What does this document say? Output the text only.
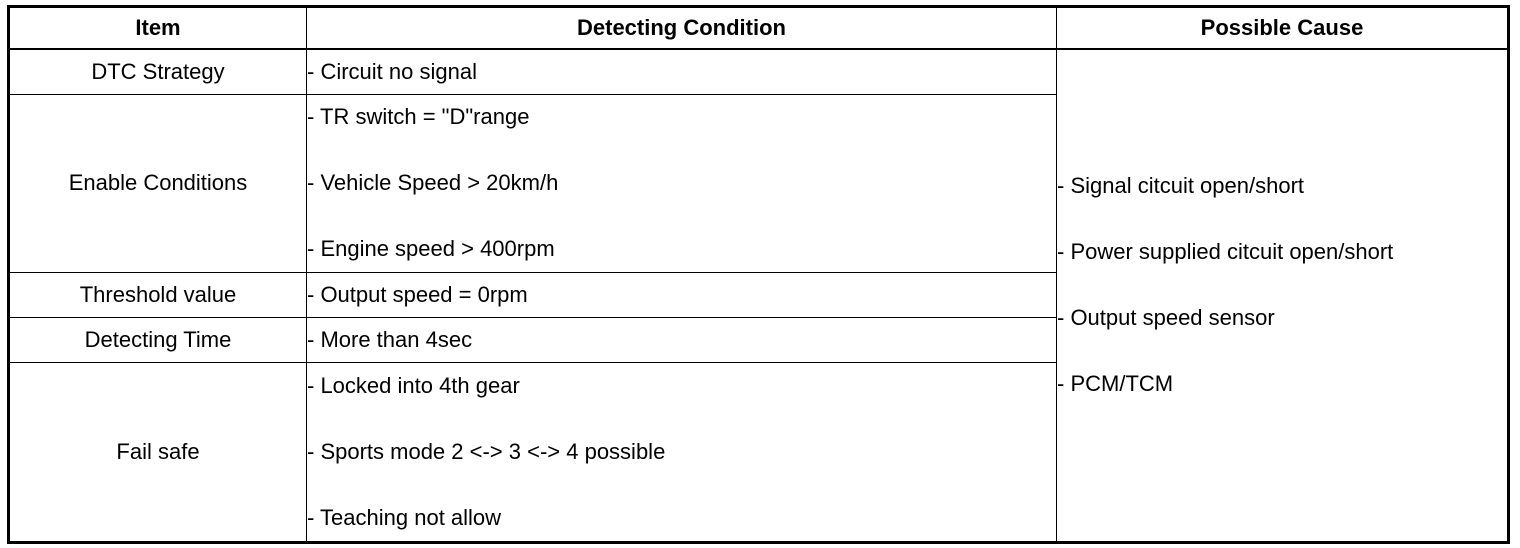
Item	Detecting Condition	Possible Cause
DTC Strategy	- Circuit no signal	- Signal citcuit open/short
- Power supplied citcuit open/short
- Output speed sensor
- PCM/TCM

Enable Conditions	- TR switch = "D"range
- Vehicle Speed > 20km/h
- Engine speed > 400rpm	

Threshold value	- Output speed = 0rpm	

Detecting Time	- More than 4sec	

Fail safe	- Locked into 4th gear
- Sports mode 2 <-> 3 <-> 4 possible
- Teaching not allow	
